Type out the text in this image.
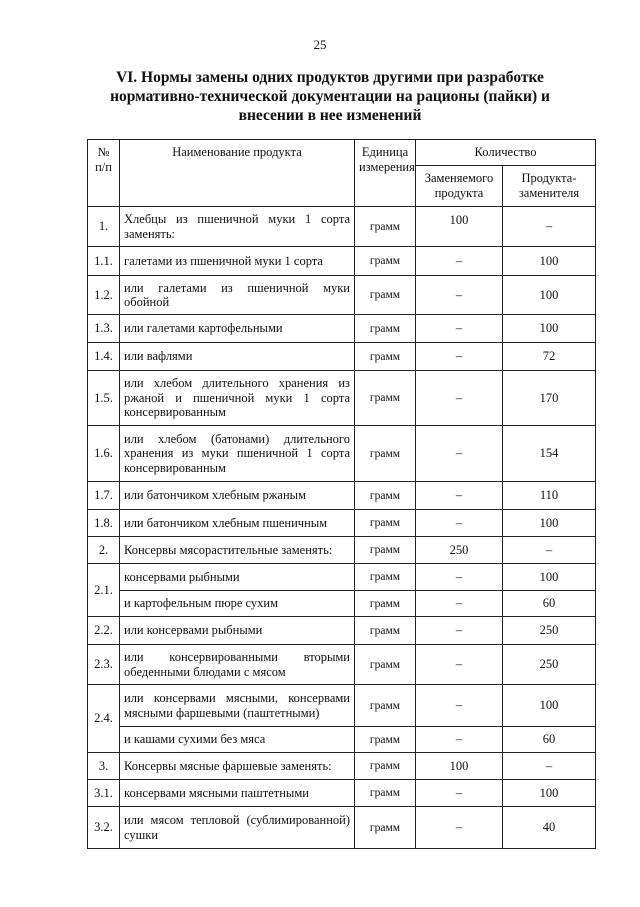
25
VI. Нормы замены одних продуктов другими при разработке нормативно-технической документации на рационы (пайки) и внесении в нее изменений
№ п/п	Наименование продукта	Единица измерения	Количество	
			Заменяемого продукта	Продукта-заменителя
1.	Хлебцы из пшеничной муки 1 сорта заменять:	грамм	100	–
1.1.	галетами из пшеничной муки 1 сорта	грамм	–	100
1.2.	или галетами из пшеничной муки обойной	грамм	–	100
1.3.	или галетами картофельными	грамм	–	100
1.4.	или вафлями	грамм	–	72
1.5.	или хлебом длительного хранения из ржаной и пшеничной муки 1 сорта консервированным	грамм	–	170
1.6.	или хлебом (батонами) длительного хранения из муки пшеничной 1 сорта консервированным	грамм	–	154
1.7.	или батончиком хлебным ржаным	грамм	–	110
1.8.	или батончиком хлебным пшеничным	грамм	–	100
2.	Консервы мясорастительные заменять:	грамм	250	–
2.1.	консервами рыбными	грамм	–	100
	и картофельным пюре сухим	грамм	–	60
2.2.	или консервами рыбными	грамм	–	250
2.3.	или консервированными вторыми обеденными блюдами с мясом	грамм	–	250
2.4.	или консервами мясными, консервами мясными фаршевыми (паштетными)	грамм	–	100
	и кашами сухими без мяса	грамм	–	60
3.	Консервы мясные фаршевые заменять:	грамм	100	–
3.1.	консервами мясными паштетными	грамм	–	100
3.2.	или мясом тепловой (сублимированной) сушки	грамм	–	40
